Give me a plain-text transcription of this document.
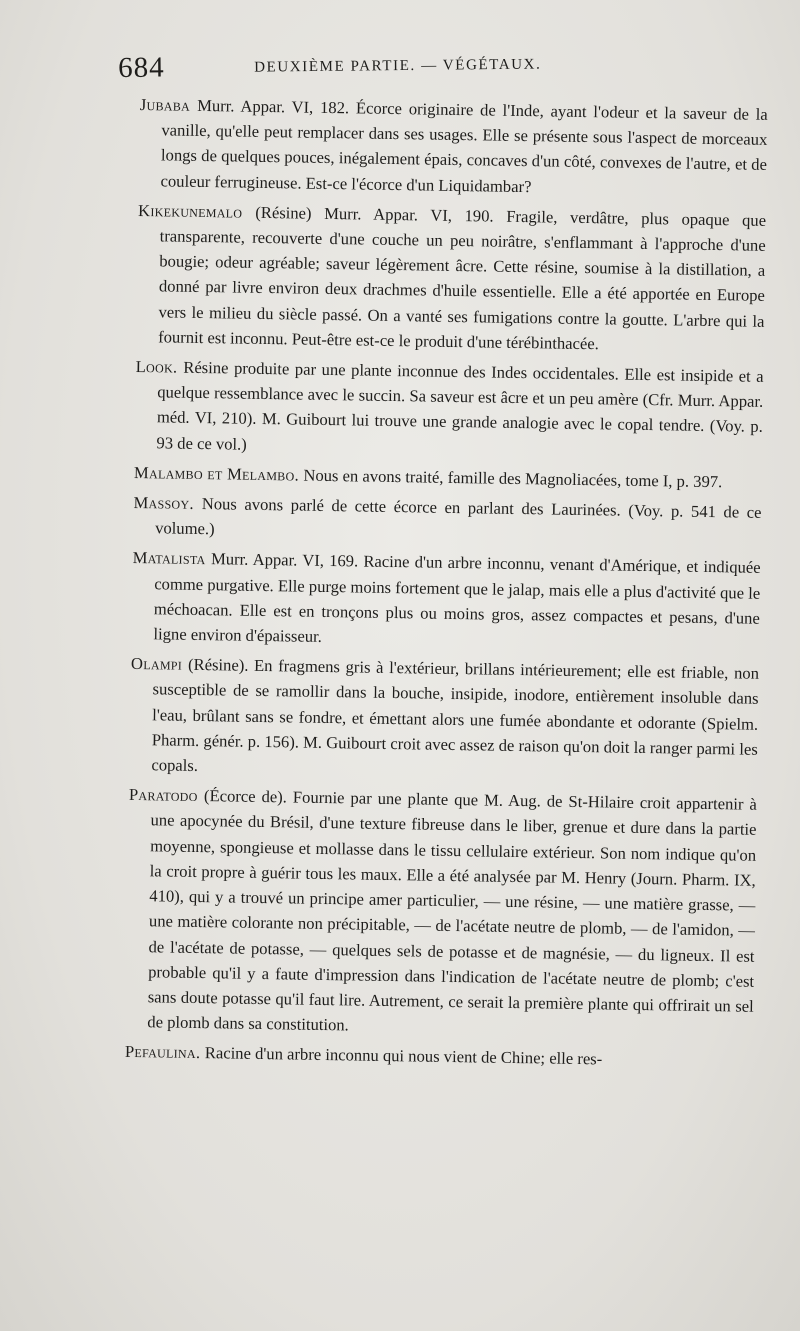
684	DEUXIÈME PARTIE. — VÉGÉTAUX.

Jubaba Murr. Appar. VI, 182. Écorce originaire de l'Inde, ayant l'odeur et la saveur de la vanille, qu'elle peut remplacer dans ses usages. Elle se présente sous l'aspect de morceaux longs de quelques pouces, inégalement épais, concaves d'un côté, convexes de l'autre, et de couleur ferrugineuse. Est-ce l'écorce d'un Liquidambar?

Kikekunemalo (Résine) Murr. Appar. VI, 190. Fragile, verdâtre, plus opaque que transparente, recouverte d'une couche un peu noirâtre, s'enflammant à l'approche d'une bougie; odeur agréable; saveur légèrement âcre. Cette résine, soumise à la distillation, a donné par livre environ deux drachmes d'huile essentielle. Elle a été apportée en Europe vers le milieu du siècle passé. On a vanté ses fumigations contre la goutte. L'arbre qui la fournit est inconnu. Peut-être est-ce le produit d'une térébinthacée.

Look. Résine produite par une plante inconnue des Indes occidentales. Elle est insipide et a quelque ressemblance avec le succin. Sa saveur est âcre et un peu amère (Cfr. Murr. Appar. méd. VI, 210). M. Guibourt lui trouve une grande analogie avec le copal tendre. (Voy. p. 93 de ce vol.)

Malambo et Melambo. Nous en avons traité, famille des Magnoliacées, tome I, p. 397.

Massoy. Nous avons parlé de cette écorce en parlant des Laurinées. (Voy. p. 541 de ce volume.)

Matalista Murr. Appar. VI, 169. Racine d'un arbre inconnu, venant d'Amérique, et indiquée comme purgative. Elle purge moins fortement que le jalap, mais elle a plus d'activité que le méchoacan. Elle est en tronçons plus ou moins gros, assez compactes et pesans, d'une ligne environ d'épaisseur.

Olampi (Résine). En fragmens gris à l'extérieur, brillans intérieurement; elle est friable, non susceptible de se ramollir dans la bouche, insipide, inodore, entièrement insoluble dans l'eau, brûlant sans se fondre, et émettant alors une fumée abondante et odorante (Spielm. Pharm. génér. p. 156). M. Guibourt croit avec assez de raison qu'on doit la ranger parmi les copals.

Paratodo (Écorce de). Fournie par une plante que M. Aug. de St-Hilaire croit appartenir à une apocynée du Brésil, d'une texture fibreuse dans le liber, grenue et dure dans la partie moyenne, spongieuse et mollasse dans le tissu cellulaire extérieur. Son nom indique qu'on la croit propre à guérir tous les maux. Elle a été analysée par M. Henry (Journ. Pharm. IX, 410), qui y a trouvé un principe amer particulier, — une résine, — une matière grasse, — une matière colorante non précipitable, — de l'acétate neutre de plomb, — de l'amidon, — de l'acétate de potasse, — quelques sels de potasse et de magnésie, — du ligneux. Il est probable qu'il y a faute d'impression dans l'indication de l'acétate neutre de plomb; c'est sans doute potasse qu'il faut lire. Autrement, ce serait la première plante qui offrirait un sel de plomb dans sa constitution.

Pefaulina. Racine d'un arbre inconnu qui nous vient de Chine; elle res-
